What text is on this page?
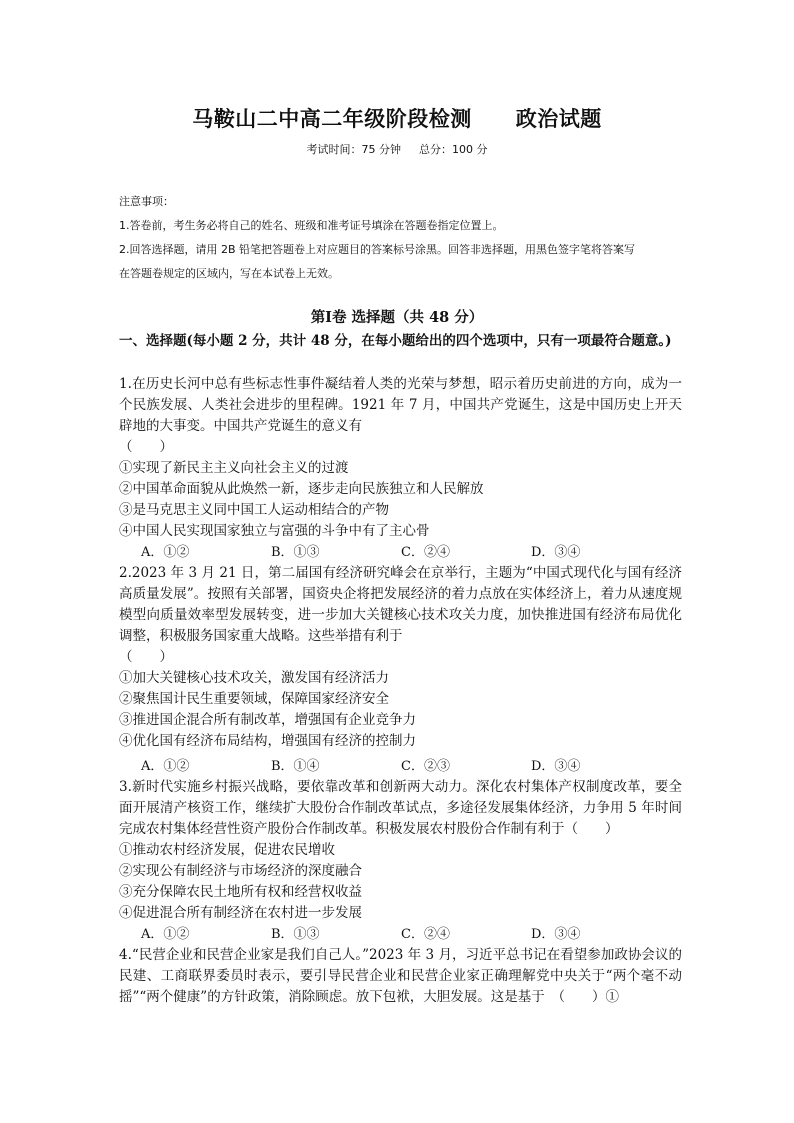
马鞍山二中高二年级阶段检测 政治试题
考试时间：75 分钟 总分：100 分

注意事项：

1.答卷前，考生务必将自己的姓名、班级和准考证号填涂在答题卷指定位置上。

2.回答选择题，请用 2B 铅笔把答题卷上对应题目的答案标号涂黑。回答非选择题，用黑色签字笔将答案写

在答题卷规定的区域内，写在本试卷上无效。

第Ⅰ卷 选择题（共 48 分）
一、选择题(每小题 2 分，共计 48 分，在每小题给出的四个选项中，只有一项最符合题意。)

1.在历史长河中总有些标志性事件凝结着人类的光荣与梦想，昭示着历史前进的方向，成为一个民族发展、人类社会进步的里程碑。1921 年 7 月，中国共产党诞生，这是中国历史上开天辟地的大事变。中国共产党诞生的意义有

（　　）

①实现了新民主主义向社会主义的过渡

②中国革命面貌从此焕然一新，逐步走向民族独立和人民解放

③是马克思主义同中国工人运动相结合的产物

④中国人民实现国家独立与富强的斗争中有了主心骨

A．①②	B．①③	C．②④	D．③④

2.2023 年 3 月 21 日，第二届国有经济研究峰会在京举行，主题为“中国式现代化与国有经济高质量发展”。按照有关部署，国资央企将把发展经济的着力点放在实体经济上，着力从速度规模型向质量效率型发展转变，进一步加大关键核心技术攻关力度，加快推进国有经济布局优化调整，积极服务国家重大战略。这些举措有利于

（　　）

①加大关键核心技术攻关，激发国有经济活力

②聚焦国计民生重要领域，保障国家经济安全

③推进国企混合所有制改革，增强国有企业竞争力

④优化国有经济布局结构，增强国有经济的控制力

A．①②	B．①④	C．②③	D．③④

3.新时代实施乡村振兴战略，要依靠改革和创新两大动力。深化农村集体产权制度改革，要全面开展清产核资工作，继续扩大股份合作制改革试点，多途径发展集体经济，力争用 5 年时间完成农村集体经营性资产股份合作制改革。积极发展农村股份合作制有利于（　　）

①推动农村经济发展，促进农民增收

②实现公有制经济与市场经济的深度融合

③充分保障农民土地所有权和经营权收益

④促进混合所有制经济在农村进一步发展

A．①②	B．①③	C．②④	D．③④

4.“民营企业和民营企业家是我们自己人。”2023 年 3 月，习近平总书记在看望参加政协会议的民建、工商联界委员时表示，要引导民营企业和民营企业家正确理解党中央关于“两个毫不动摇”“两个健康”的方针政策，消除顾虑。放下包袱，大胆发展。这是基于　（　　）①
